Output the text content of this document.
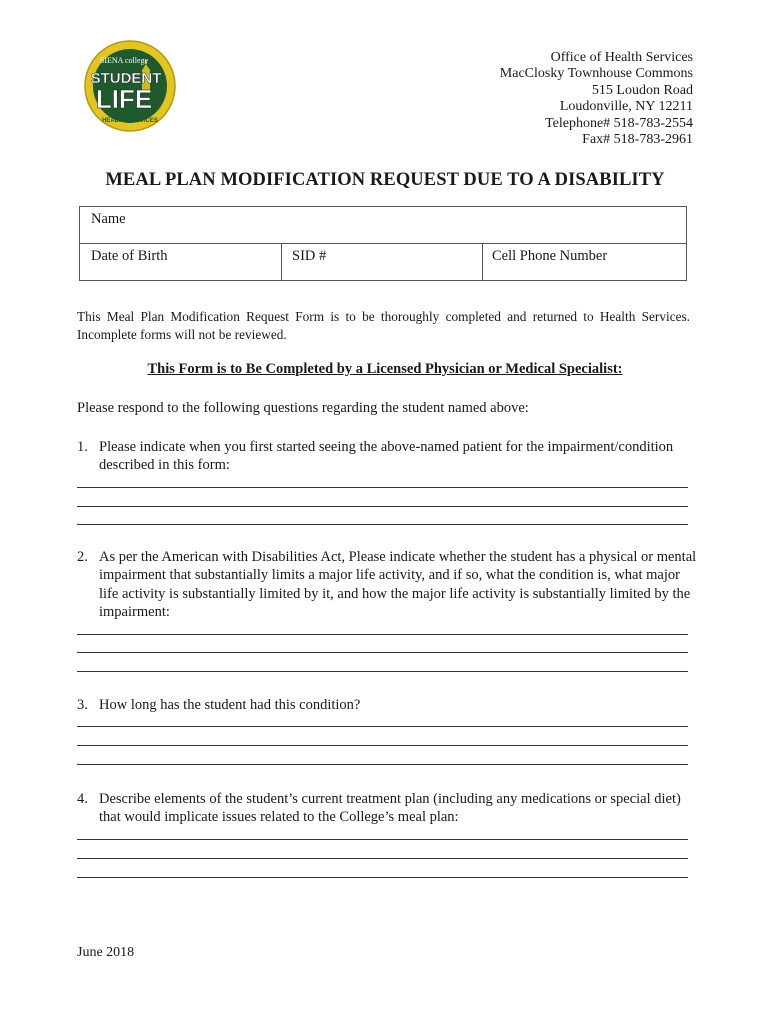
SIENA college
STUDENT
LIFE
HEALTH SERVICES
Office of Health Services
MacClosky Townhouse Commons
515 Loudon Road
Loudonville, NY 12211
Telephone# 518-783-2554
Fax# 518-783-2961
MEAL PLAN MODIFICATION REQUEST DUE TO A DISABILITY
Name
Date of Birth	SID #	Cell Phone Number
This Meal Plan Modification Request Form is to be thoroughly completed and returned to Health Services. Incomplete forms will not be reviewed.
This Form is to Be Completed by a Licensed Physician or Medical Specialist:
Please respond to the following questions regarding the student named above:
1. Please indicate when you first started seeing the above-named patient for the impairment/condition described in this form:
2. As per the American with Disabilities Act, Please indicate whether the student has a physical or mental impairment that substantially limits a major life activity, and if so, what the condition is, what major life activity is substantially limited by it, and how the major life activity is substantially limited by the impairment:
3. How long has the student had this condition?
4. Describe elements of the student’s current treatment plan (including any medications or special diet) that would implicate issues related to the College’s meal plan:
June 2018
